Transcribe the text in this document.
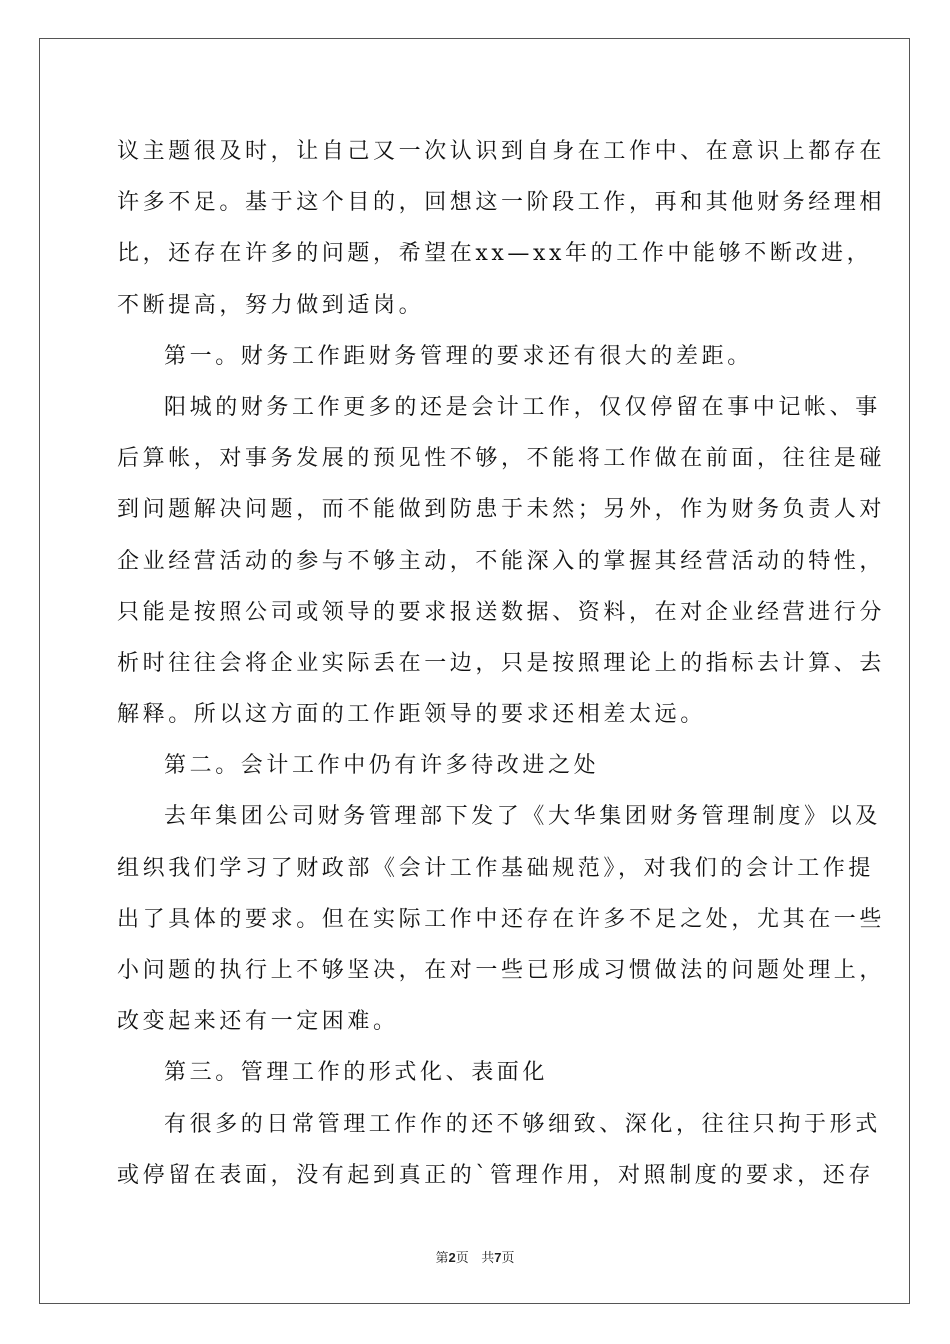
议主题很及时，让自己又一次认识到自身在工作中、在意识上都存在
许多不足。基于这个目的，回想这一阶段工作，再和其他财务经理相
比，还存在许多的问题，希望在xx—xx年的工作中能够不断改进，
不断提高，努力做到适岗。
第一。财务工作距财务管理的要求还有很大的差距。
阳城的财务工作更多的还是会计工作，仅仅停留在事中记帐、事
后算帐，对事务发展的预见性不够，不能将工作做在前面，往往是碰
到问题解决问题，而不能做到防患于未然；另外，作为财务负责人对
企业经营活动的参与不够主动，不能深入的掌握其经营活动的特性，
只能是按照公司或领导的要求报送数据、资料，在对企业经营进行分
析时往往会将企业实际丢在一边，只是按照理论上的指标去计算、去
解释。所以这方面的工作距领导的要求还相差太远。
第二。会计工作中仍有许多待改进之处
去年集团公司财务管理部下发了《大华集团财务管理制度》以及
组织我们学习了财政部《会计工作基础规范》，对我们的会计工作提
出了具体的要求。但在实际工作中还存在许多不足之处，尤其在一些
小问题的执行上不够坚决，在对一些已形成习惯做法的问题处理上，
改变起来还有一定困难。
第三。管理工作的形式化、表面化
有很多的日常管理工作作的还不够细致、深化，往往只拘于形式
或停留在表面，没有起到真正的`管理作用，对照制度的要求，还存
第2页 共7页
